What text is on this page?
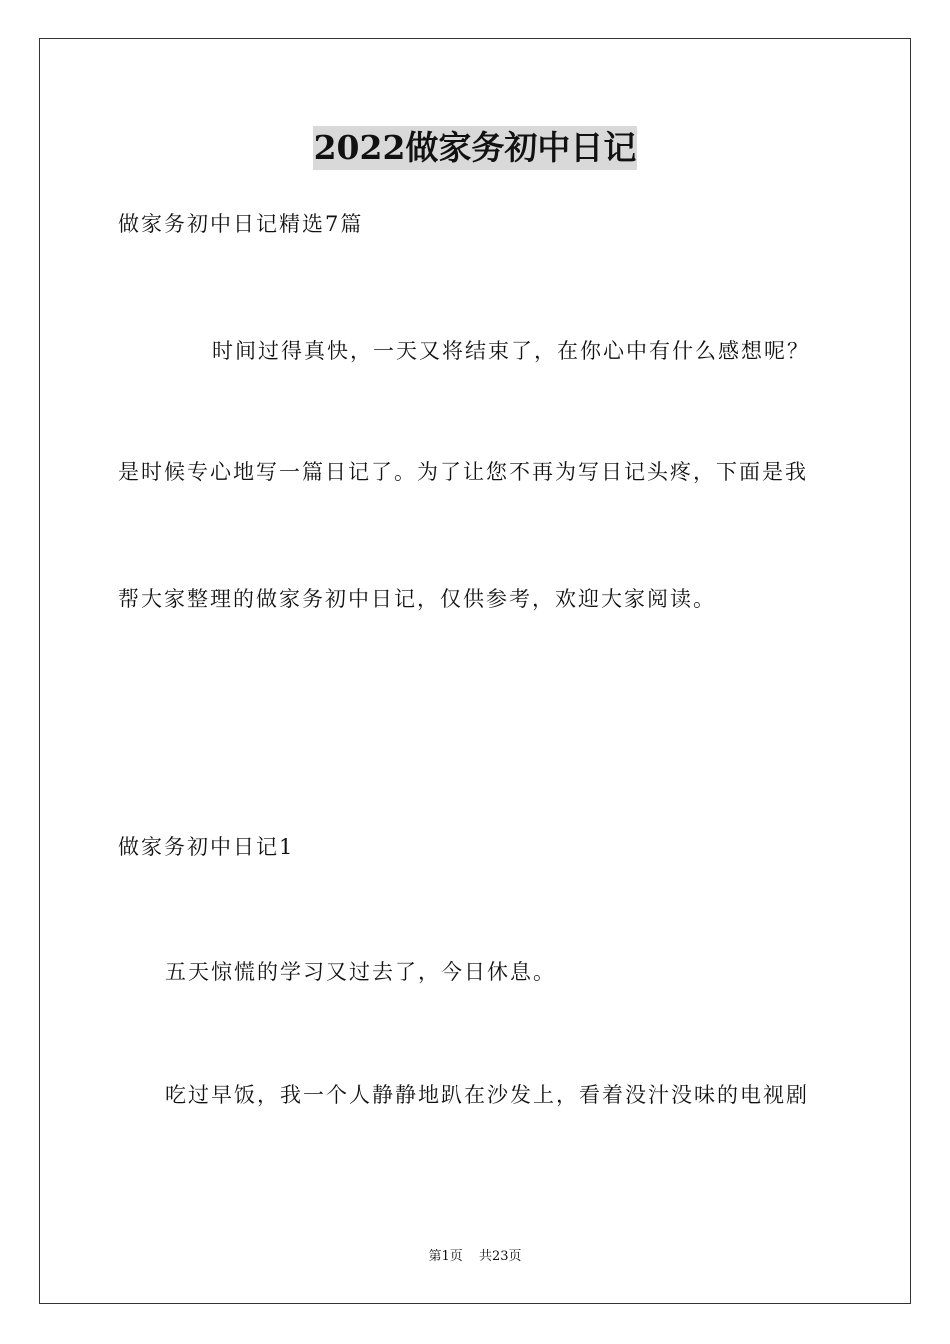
2022做家务初中日记
做家务初中日记精选7篇
时间过得真快，一天又将结束了，在你心中有什么感想呢？
是时候专心地写一篇日记了。为了让您不再为写日记头疼，下面是我
帮大家整理的做家务初中日记，仅供参考，欢迎大家阅读。
做家务初中日记1
五天惊慌的学习又过去了，今日休息。
吃过早饭，我一个人静静地趴在沙发上，看着没汁没味的电视剧
第1页 共23页
